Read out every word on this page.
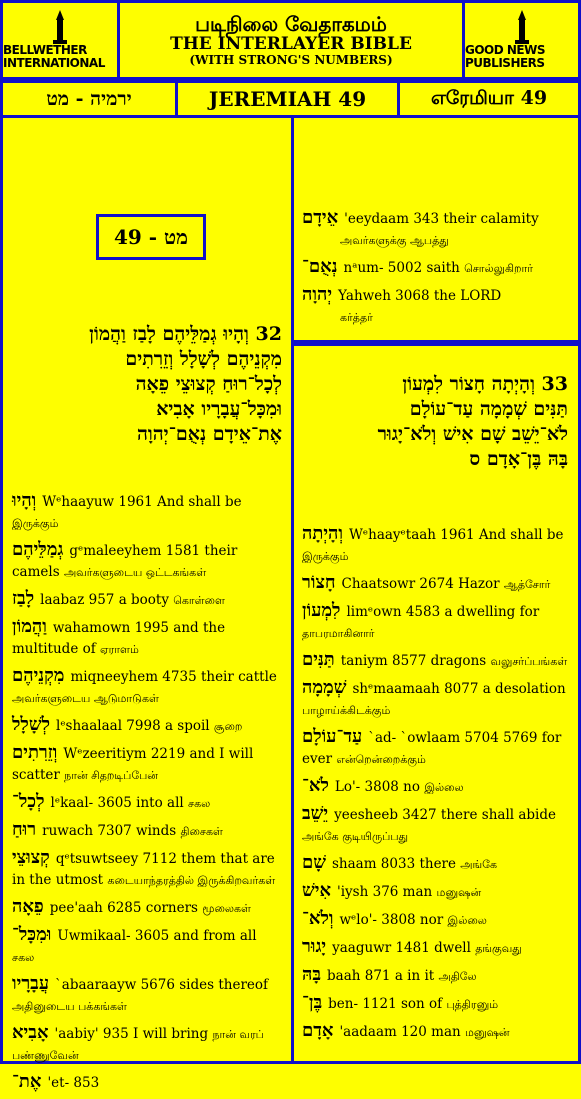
BELLWETHER INTERNATIONAL
படிநிலை வேதாகமம்
THE INTERLAYER BIBLE
(WITH STRONG'S NUMBERS)
GOOD NEWS PUBLISHERS
ירמיה - מט	JEREMIAH 49	எரேமியா 49
מט - 49
אֵידָם 'eeydaam 343 their calamity
அவர்களுக்கு ஆபத்து
נְאֻם־ nᵃum- 5002 saith சொல்லுகிறார்
יְהוָה Yahweh 3068 the LORD
கர்த்தர்
32 וְהָיוּ גְמַלֵּיהֶם לָבַז וַהֲמוֹן
מִקְנֵיהֶם לְשָׁלָל וְזֵרִתִים
לְכָל־רוּחַ קְצוּצֵי פֵאָה
וּמִכָּל־עֲבָרָיו אָבִיא
אֶת־אֵידָם נְאֻם־יְהוָה
33 וְהָיְתָה חָצוֹר לִמְעוֹן
תַּנִּים שְׁמָמָה עַד־עוֹלָם
לֹא־יֵשֵׁב שָׁם אִישׁ וְלֹא־יָגוּר
בָּהּ בֶּן־אָדָם ס
וְהָיוּ Wᵉhaayuw 1961 And shall be இருக்கும்
גְמַלֵּיהֶם gᵉmaleeyhem 1581 their camels அவர்களுடைய ஒட்டகங்கள்
לָבַז laabaz 957 a booty கொள்ளை
וַהֲמוֹן wahamown 1995 and the multitude of ஏராளம்
מִקְנֵיהֶם miqneeyhem 4735 their cattle அவர்களுடைய ஆடுமாடுகள்
לְשָׁלָל lᵉshaalaal 7998 a spoil சூறை
וְזֵרִתִים Wᵉzeeritiym 2219 and I will scatter நான் சிதறடிப்பேன்
לְכָל־ lᵉkaal- 3605 into all சகல
רוּחַ ruwach 7307 winds திசைகள்
קְצוּצֵי qᵉtsuwtseey 7112 them that are in the utmost கடையாந்தரத்தில் இருக்கிறவர்கள்
פֵאָה pee'aah 6285 corners மூலைகள்
וּמִכָּל־ Uwmikaal- 3605 and from all சகல
עֲבָרָיו `abaaraayw 5676 sides thereof அதினுடைய பக்கங்கள்
אָבִיא 'aabiy' 935 I will bring நான் வரப் பண்ணுவேன்
אֶת־ 'et- 853
וְהָיְתָה Wᵉhaayᵉtaah 1961 And shall be இருக்கும்
חָצוֹר Chaatsowr 2674 Hazor ஆத்சோர்
לִמְעוֹן limᵉown 4583 a dwelling for தாபரமாகினார்
תַּנִּים taniym 8577 dragons வலுசர்ப்பங்கள்
שְׁמָמָה shᵉmaamaah 8077 a desolation பாழாய்க்கிடக்கும்
עַד־עוֹלָם `ad- `owlaam 5704 5769 for ever என்றென்றைக்கும்
לֹא־ Lo'- 3808 no இல்லை
יֵשֵׁב yeesheeb 3427 there shall abide அங்கே குடியிருப்பது
שָׁם shaam 8033 there அங்கே
אִישׁ 'iysh 376 man மனுஷன்
וְלֹא־ wᵉlo'- 3808 nor இல்லை
יָגוּר yaaguwr 1481 dwell தங்குவது
בָּהּ baah 871 a in it அதிலே
בֶּן־ ben- 1121 son of புத்திரனும்
אָדָם 'aadaam 120 man மனுஷன்
